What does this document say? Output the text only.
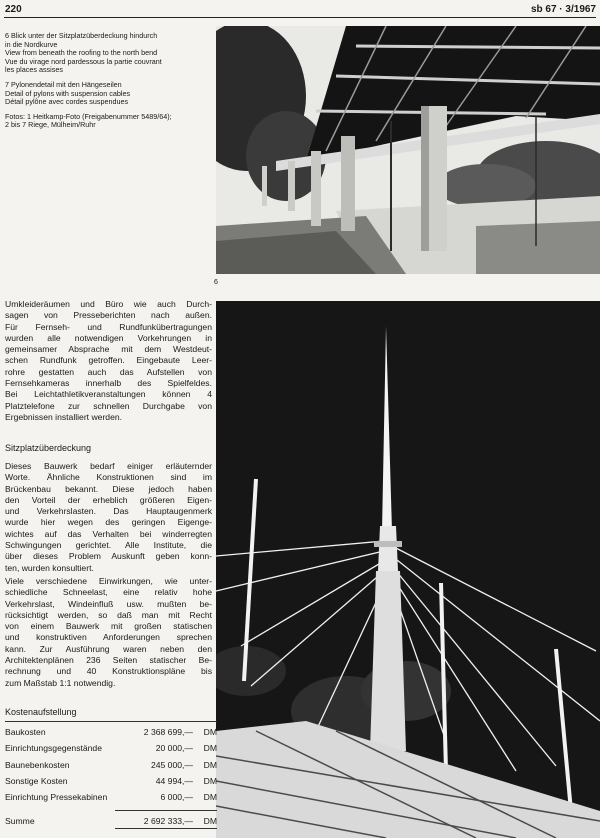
220	sb 67 · 3/1967

6 Blick unter der Sitzplatzüberdeckung hindurch
in die Nordkurve
View from beneath the roofing to the north bend
Vue du virage nord pardessous la partie couvrant
les places assises

7 Pylonendetail mit den Hängeseilen
Detail of pylons with suspension cables
Détail pylône avec cordes suspendues

Fotos: 1 Heitkamp-Foto (Freigabenummer 5489/64);
2 bis 7 Riege, Mülheim/Ruhr

6
Umkleideräumen und Büro wie auch Durch-
sagen von Presseberichten nach außen.
Für Fernseh- und Rundfunkübertragungen
wurden alle notwendigen Vorkehrungen in
gemeinsamer Absprache mit dem Westdeut-
schen Rundfunk getroffen. Eingebaute Leer-
rohre gestatten auch das Aufstellen von
Fernsehkameras innerhalb des Spielfeldes.
Bei Leichtathletikveranstaltungen können 4
Platztelefone zur schnellen Durchgabe von
Ergebnissen installiert werden.
Sitzplatzüberdeckung
Dieses Bauwerk bedarf einiger erläuternder
Worte. Ähnliche Konstruktionen sind im
Brückenbau bekannt. Diese jedoch haben
den Vorteil der erheblich größeren Eigen-
und Verkehrslasten. Das Hauptaugenmerk
wurde hier wegen des geringen Eigenge-
wichtes auf das Verhalten bei winderregten
Schwingungen gerichtet. Alle Institute, die
über dieses Problem Auskunft geben konn-
ten, wurden konsultiert.
Viele verschiedene Einwirkungen, wie unter-
schiedliche Schneelast, eine relativ hohe
Verkehrslast, Windeinfluß usw. mußten be-
rücksichtigt werden, so daß man mit Recht
von einem Bauwerk mit großen statischen
und konstruktiven Anforderungen sprechen
kann. Zur Ausführung waren neben den
Architektenplänen 236 Seiten statischer Be-
rechnung und 40 Konstruktionspläne bis
zum Maßstab 1:1 notwendig.
Kostenaufstellung
Baukosten	2 368 699,— DM
Einrichtungsgegenstände	20 000,— DM
Baunebenkosten	245 000,— DM
Sonstige Kosten	44 994,— DM
Einrichtung Pressekabinen	6 000,— DM
Summe	2 692 333,— DM
